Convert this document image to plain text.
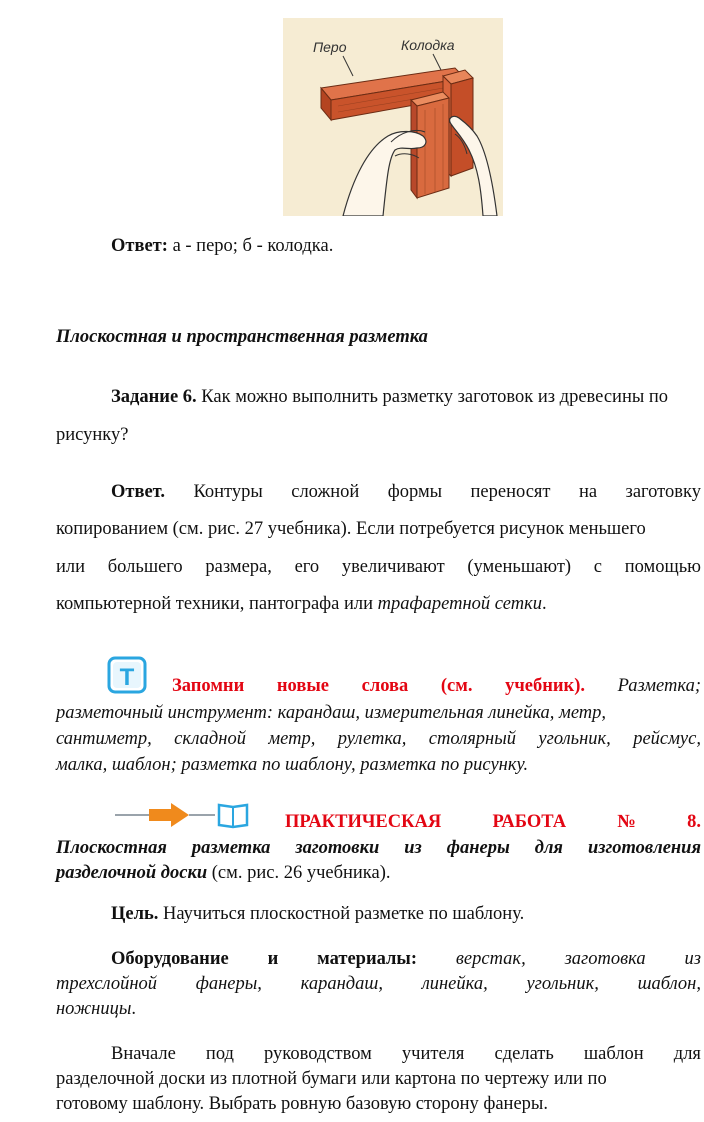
Перо	Колодка
Ответ: а - перо; б - колодка.
Плоскостная и пространственная разметка
Задание 6. Как можно выполнить разметку заготовок из древесины по
рисунку?
Ответ. Контуры сложной формы переносят на заготовку
копированием (см. рис. 27 учебника). Если потребуется рисунок меньшего
или большего размера, его увеличивают (уменьшают) с помощью
компьютерной техники, пантографа или трафаретной сетки.
T Запомни новые слова (см. учебник). Разметка;
разметочный инструмент: карандаш, измерительная линейка, метр,
сантиметр, складной метр, рулетка, столярный угольник, рейсмус,
малка, шаблон; разметка по шаблону, разметка по рисунку.
ПРАКТИЧЕСКАЯ	РАБОТА	№	8.
Плоскостная разметка заготовки из фанеры для изготовления
разделочной доски (см. рис. 26 учебника).
Цель. Научиться плоскостной разметке по шаблону.
Оборудование и материалы: верстак, заготовка из
трехслойной фанеры, карандаш, линейка, угольник, шаблон,
ножницы.
Вначале под руководством учителя сделать шаблон для
разделочной доски из плотной бумаги или картона по чертежу или по
готовому шаблону. Выбрать ровную базовую сторону фанеры.
